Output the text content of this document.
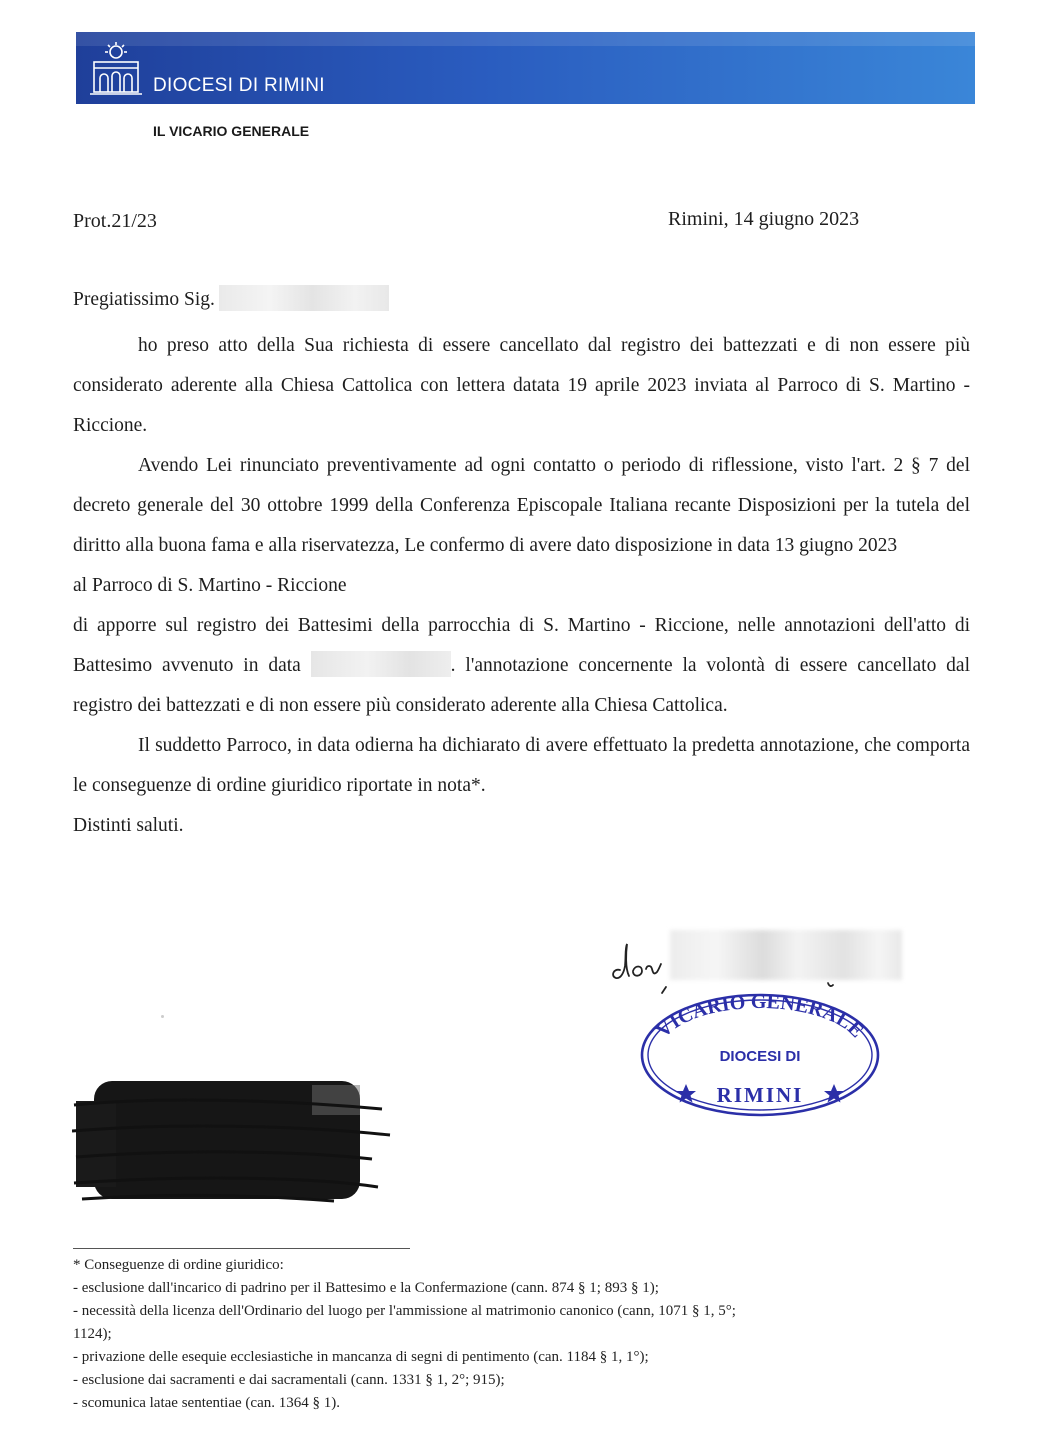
DIOCESI DI RIMINI
IL VICARIO GENERALE
Prot.21/23	Rimini, 14 giugno 2023

Pregiatissimo Sig.

ho preso atto della Sua richiesta di essere cancellato dal registro dei battezzati e di non essere più considerato aderente alla Chiesa Cattolica con lettera datata 19 aprile 2023 inviata al Parroco di S. Martino - Riccione.

Avendo Lei rinunciato preventivamente ad ogni contatto o periodo di riflessione, visto l'art. 2 § 7 del decreto generale del 30 ottobre 1999 della Conferenza Episcopale Italiana recante Disposizioni per la tutela del diritto alla buona fama e alla riservatezza, Le confermo di avere dato disposizione in data 13 giugno 2023

al Parroco di S. Martino - Riccione

di apporre sul registro dei Battesimi della parrocchia di S. Martino - Riccione, nelle annotazioni dell'atto di Battesimo avvenuto in data	. l'annotazione concernente la volontà di essere cancellato dal registro dei battezzati e di non essere più considerato aderente alla Chiesa Cattolica.

Il suddetto Parroco, in data odierna ha dichiarato di avere effettuato la predetta annotazione, che comporta le conseguenze di ordine giuridico riportate in nota*.

Distinti saluti.

VICARIO GENERALE
DIOCESI DI
RIMINI
* Conseguenze di ordine giuridico:
- esclusione dall'incarico di padrino per il Battesimo e la Confermazione (cann. 874 § 1; 893 § 1);
- necessità della licenza dell'Ordinario del luogo per l'ammissione al matrimonio canonico (cann, 1071 § 1, 5°;
1124);
- privazione delle esequie ecclesiastiche in mancanza di segni di pentimento (can. 1184 § 1, 1°);
- esclusione dai sacramenti e dai sacramentali (cann. 1331 § 1, 2°; 915);
- scomunica latae sententiae (can. 1364 § 1).
